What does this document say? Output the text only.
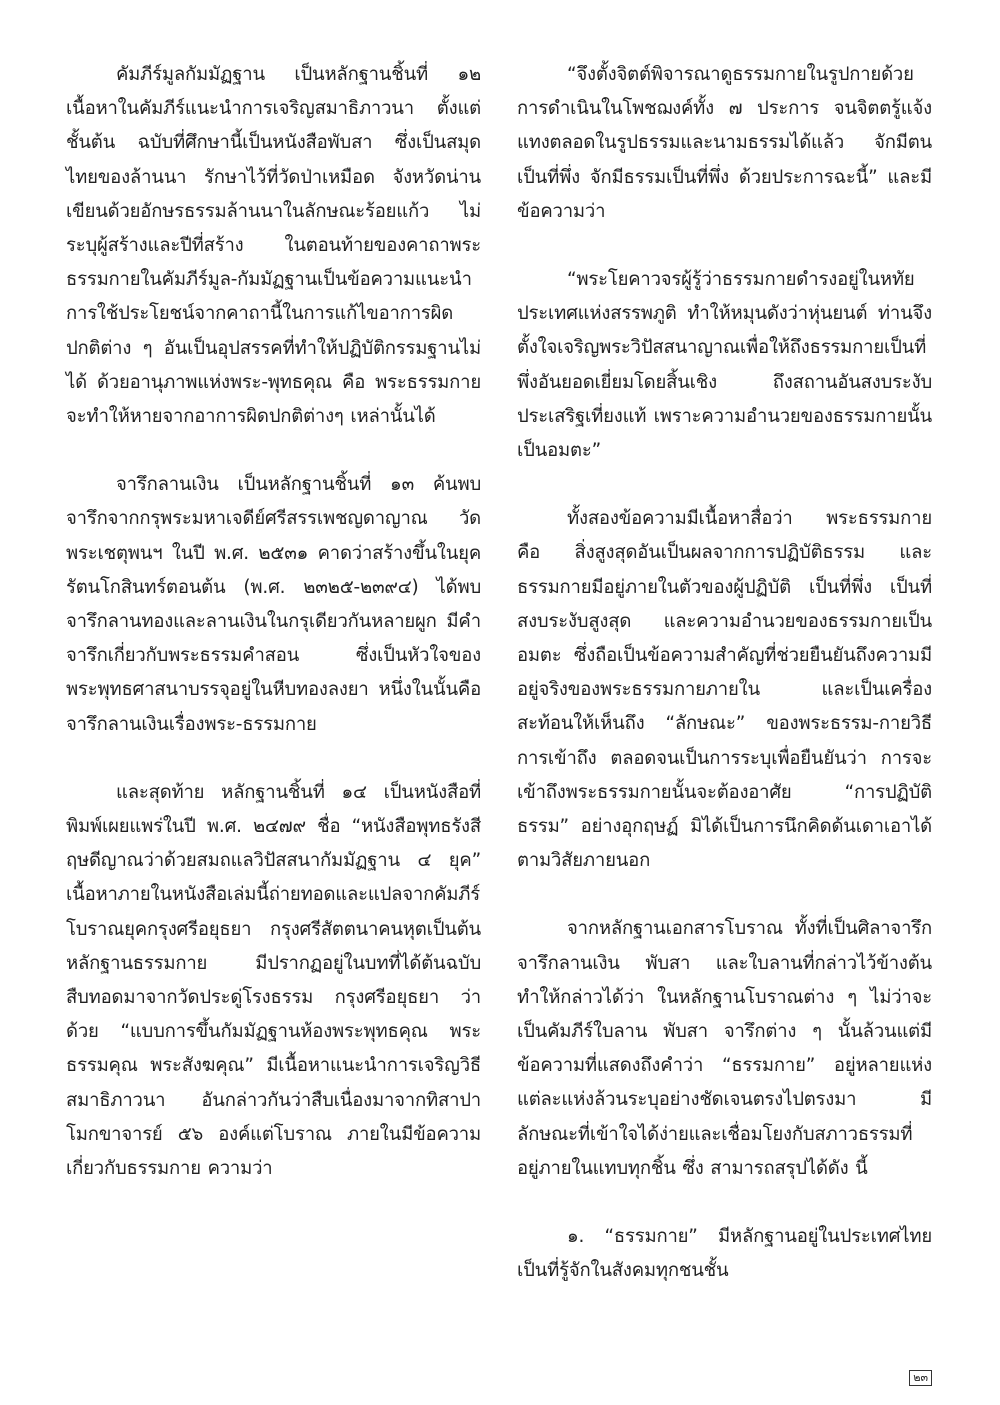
คัมภีร์มูลกัมมัฏฐาน เป็นหลักฐานชิ้นที่ ๑๒ เนื้อหาในคัมภีร์แนะนำการเจริญสมาธิภาวนา ตั้งแต่ชั้นต้น ฉบับที่ศึกษานี้เป็นหนังสือพับสา ซึ่งเป็นสมุดไทยของล้านนา รักษาไว้ที่วัดป่าเหมือด จังหวัดน่าน เขียนด้วยอักษรธรรมล้านนาในลักษณะร้อยแก้ว ไม่ระบุผู้สร้างและปีที่สร้าง ในตอนท้ายของคาถาพระธรรมกายในคัมภีร์มูล-กัมมัฏฐานเป็นข้อความแนะนำการใช้ประโยชน์จากคาถานี้ในการแก้ไขอาการผิดปกติต่าง ๆ อันเป็นอุปสรรคที่ทำให้ปฏิบัติกรรมฐานไม่ได้ ด้วยอานุภาพแห่งพระ-พุทธคุณ คือ พระธรรมกาย จะทำให้หายจากอาการผิดปกติต่างๆ เหล่านั้นได้

จารึกลานเงิน เป็นหลักฐานชิ้นที่ ๑๓ ค้นพบจารึกจากกรุพระมหาเจดีย์ศรีสรรเพชญดาญาณ วัดพระเชตุพนฯ ในปี พ.ศ. ๒๕๓๑ คาดว่าสร้างขึ้นในยุครัตนโกสินทร์ตอนต้น (พ.ศ. ๒๓๒๕-๒๓๙๔) ได้พบจารึกลานทองและลานเงินในกรุเดียวกันหลายผูก มีคำจารึกเกี่ยวกับพระธรรมคำสอน ซึ่งเป็นหัวใจของพระพุทธศาสนาบรรจุอยู่ในหีบทองลงยา หนึ่งในนั้นคือ จารึกลานเงินเรื่องพระ-ธรรมกาย

และสุดท้าย หลักฐานชิ้นที่ ๑๔ เป็นหนังสือที่พิมพ์เผยแพร่ในปี พ.ศ. ๒๔๗๙ ชื่อ “หนังสือพุทธรังสีฤษดีญาณว่าด้วยสมถแลวิปัสสนากัมมัฏฐาน ๔ ยุค” เนื้อหาภายในหนังสือเล่มนี้ถ่ายทอดและแปลจากคัมภีร์โบราณยุคกรุงศรีอยุธยา กรุงศรีสัตตนาคนหุตเป็นต้น หลักฐานธรรมกาย มีปรากฏอยู่ในบทที่ได้ต้นฉบับสืบทอดมาจากวัดประดู่โรงธรรม กรุงศรีอยุธยา ว่าด้วย “แบบการขึ้นกัมมัฏฐานห้องพระพุทธคุณ พระธรรมคุณ พระสังฆคุณ” มีเนื้อหาแนะนำการเจริญวิธีสมาธิภาวนา อันกล่าวกันว่าสืบเนื่องมาจากทิสาปาโมกขาจารย์ ๕๖ องค์แต่โบราณ ภายในมีข้อความเกี่ยวกับธรรมกาย ความว่า

“จึงตั้งจิตต์พิจารณาดูธรรมกายในรูปกายด้วยการดำเนินในโพชฌงค์ทั้ง ๗ ประการ จนจิตตรู้แจ้งแทงตลอดในรูปธรรมและนามธรรมได้แล้ว จักมีตนเป็นที่พึ่ง จักมีธรรมเป็นที่พึ่ง ด้วยประการฉะนี้” และมีข้อความว่า

“พระโยคาวจรผู้รู้ว่าธรรมกายดำรงอยู่ในหทัยประเทศแห่งสรรพภูติ ทำให้หมุนดังว่าหุ่นยนต์ ท่านจึงตั้งใจเจริญพระวิปัสสนาญาณเพื่อให้ถึงธรรมกายเป็นที่พึ่งอันยอดเยี่ยมโดยสิ้นเชิง ถึงสถานอันสงบระงับ ประเสริฐเที่ยงแท้ เพราะความอำนวยของธรรมกายนั้นเป็นอมตะ”

ทั้งสองข้อความมีเนื้อหาสื่อว่า พระธรรมกาย คือ สิ่งสูงสุดอันเป็นผลจากการปฏิบัติธรรม และธรรมกายมีอยู่ภายในตัวของผู้ปฏิบัติ เป็นที่พึ่ง เป็นที่สงบระงับสูงสุด และความอำนวยของธรรมกายเป็นอมตะ ซึ่งถือเป็นข้อความสำคัญที่ช่วยยืนยันถึงความมีอยู่จริงของพระธรรมกายภายใน และเป็นเครื่องสะท้อนให้เห็นถึง “ลักษณะ” ของพระธรรม-กายวิธีการเข้าถึง ตลอดจนเป็นการระบุเพื่อยืนยันว่า การจะเข้าถึงพระธรรมกายนั้นจะต้องอาศัย “การปฏิบัติธรรม” อย่างอุกฤษฏ์ มิได้เป็นการนึกคิดด้นเดาเอาได้ตามวิสัยภายนอก

จากหลักฐานเอกสารโบราณ ทั้งที่เป็นศิลาจารึก จารึกลานเงิน พับสา และใบลานที่กล่าวไว้ข้างต้น ทำให้กล่าวได้ว่า ในหลักฐานโบราณต่าง ๆ ไม่ว่าจะเป็นคัมภีร์ใบลาน พับสา จารึกต่าง ๆ นั้นล้วนแต่มีข้อความที่แสดงถึงคำว่า “ธรรมกาย” อยู่หลายแห่ง แต่ละแห่งล้วนระบุอย่างชัดเจนตรงไปตรงมา มีลักษณะที่เข้าใจได้ง่ายและเชื่อมโยงกับสภาวธรรมที่อยู่ภายในแทบทุกชิ้น ซึ่ง สามารถสรุปได้ดัง นี้

๑. “ธรรมกาย” มีหลักฐานอยู่ในประเทศไทยเป็นที่รู้จักในสังคมทุกชนชั้น

๒๓
